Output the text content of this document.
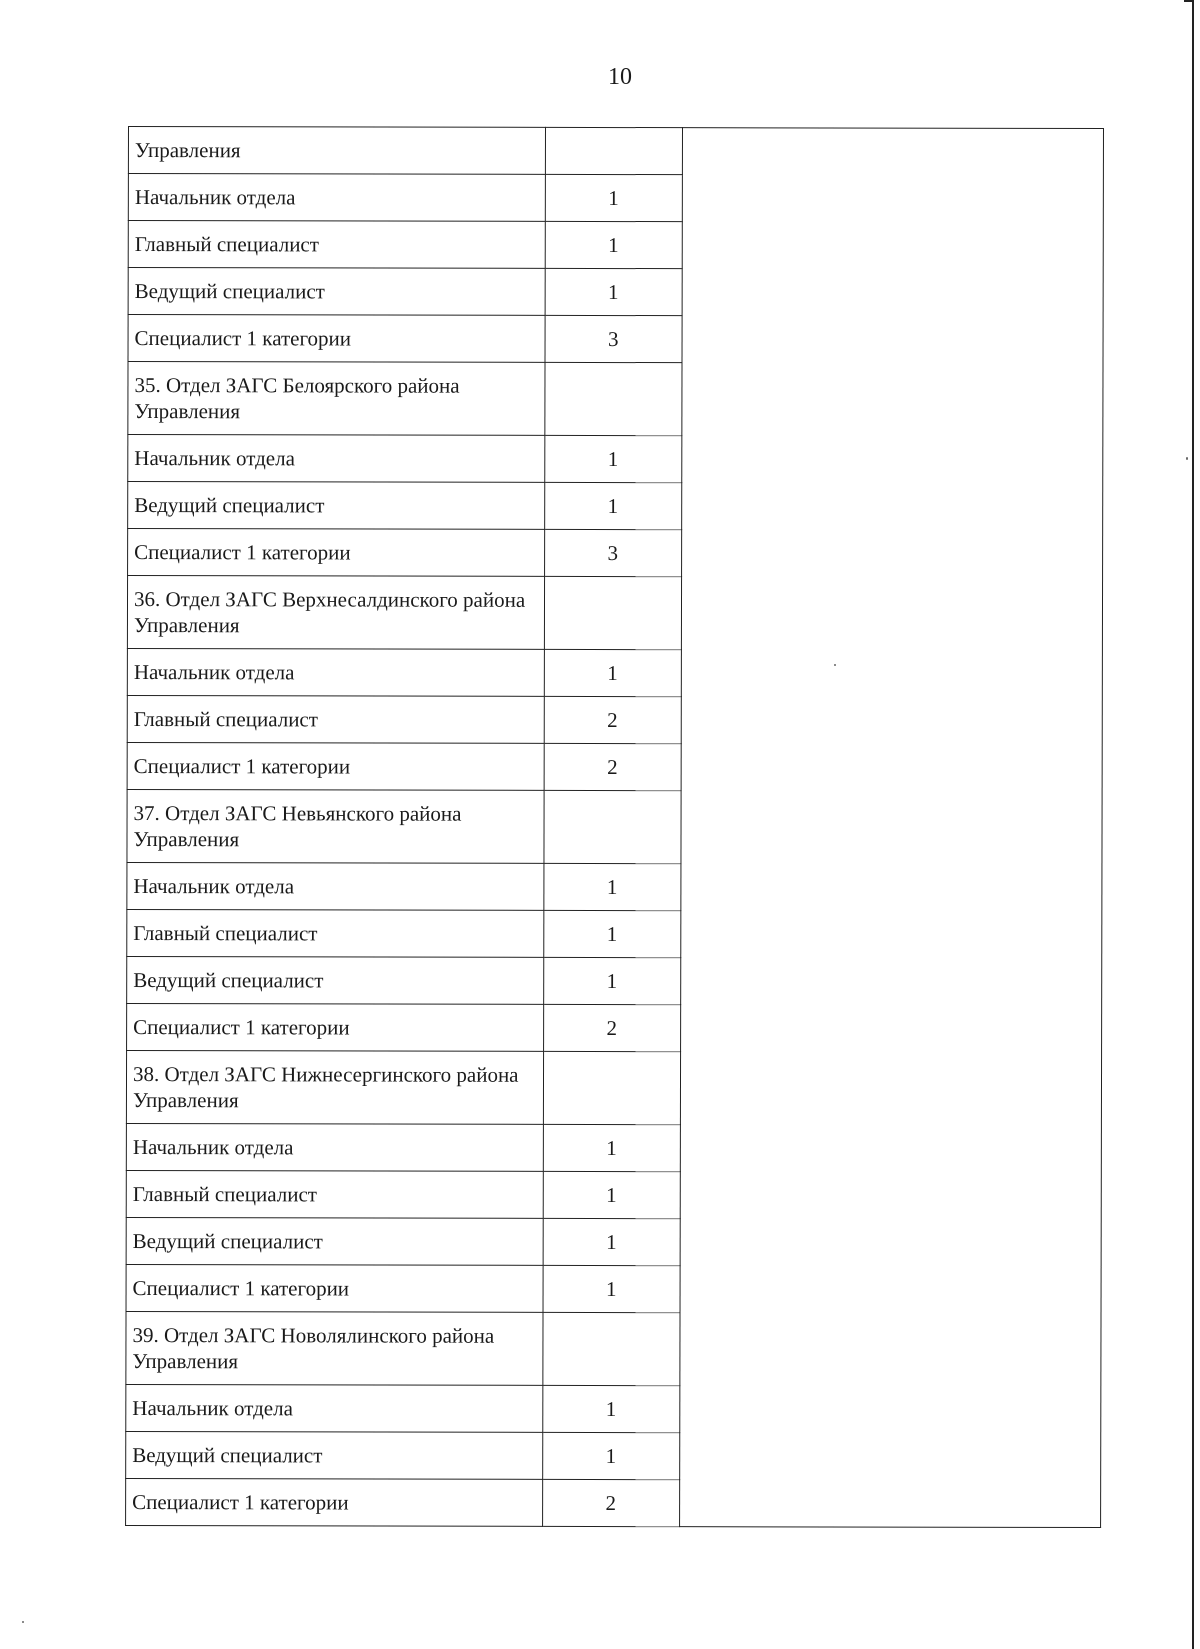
10
Управления		
Начальник отдела	1	
Главный специалист	1	
Ведущий специалист	1	
Специалист 1 категории	3	
35. Отдел ЗАГС Белоярского района Управления		
Начальник отдела	1	
Ведущий специалист	1	
Специалист 1 категории	3	
36. Отдел ЗАГС Верхнесалдинского района Управления		
Начальник отдела	1	
Главный специалист	2	
Специалист 1 категории	2	
37. Отдел ЗАГС Невьянского района Управления		
Начальник отдела	1	
Главный специалист	1	
Ведущий специалист	1	
Специалист 1 категории	2	
38. Отдел ЗАГС Нижнесергинского района Управления		
Начальник отдела	1	
Главный специалист	1	
Ведущий специалист	1	
Специалист 1 категории	1	
39. Отдел ЗАГС Новолялинского района Управления		
Начальник отдела	1	
Ведущий специалист	1	
Специалист 1 категории	2	
